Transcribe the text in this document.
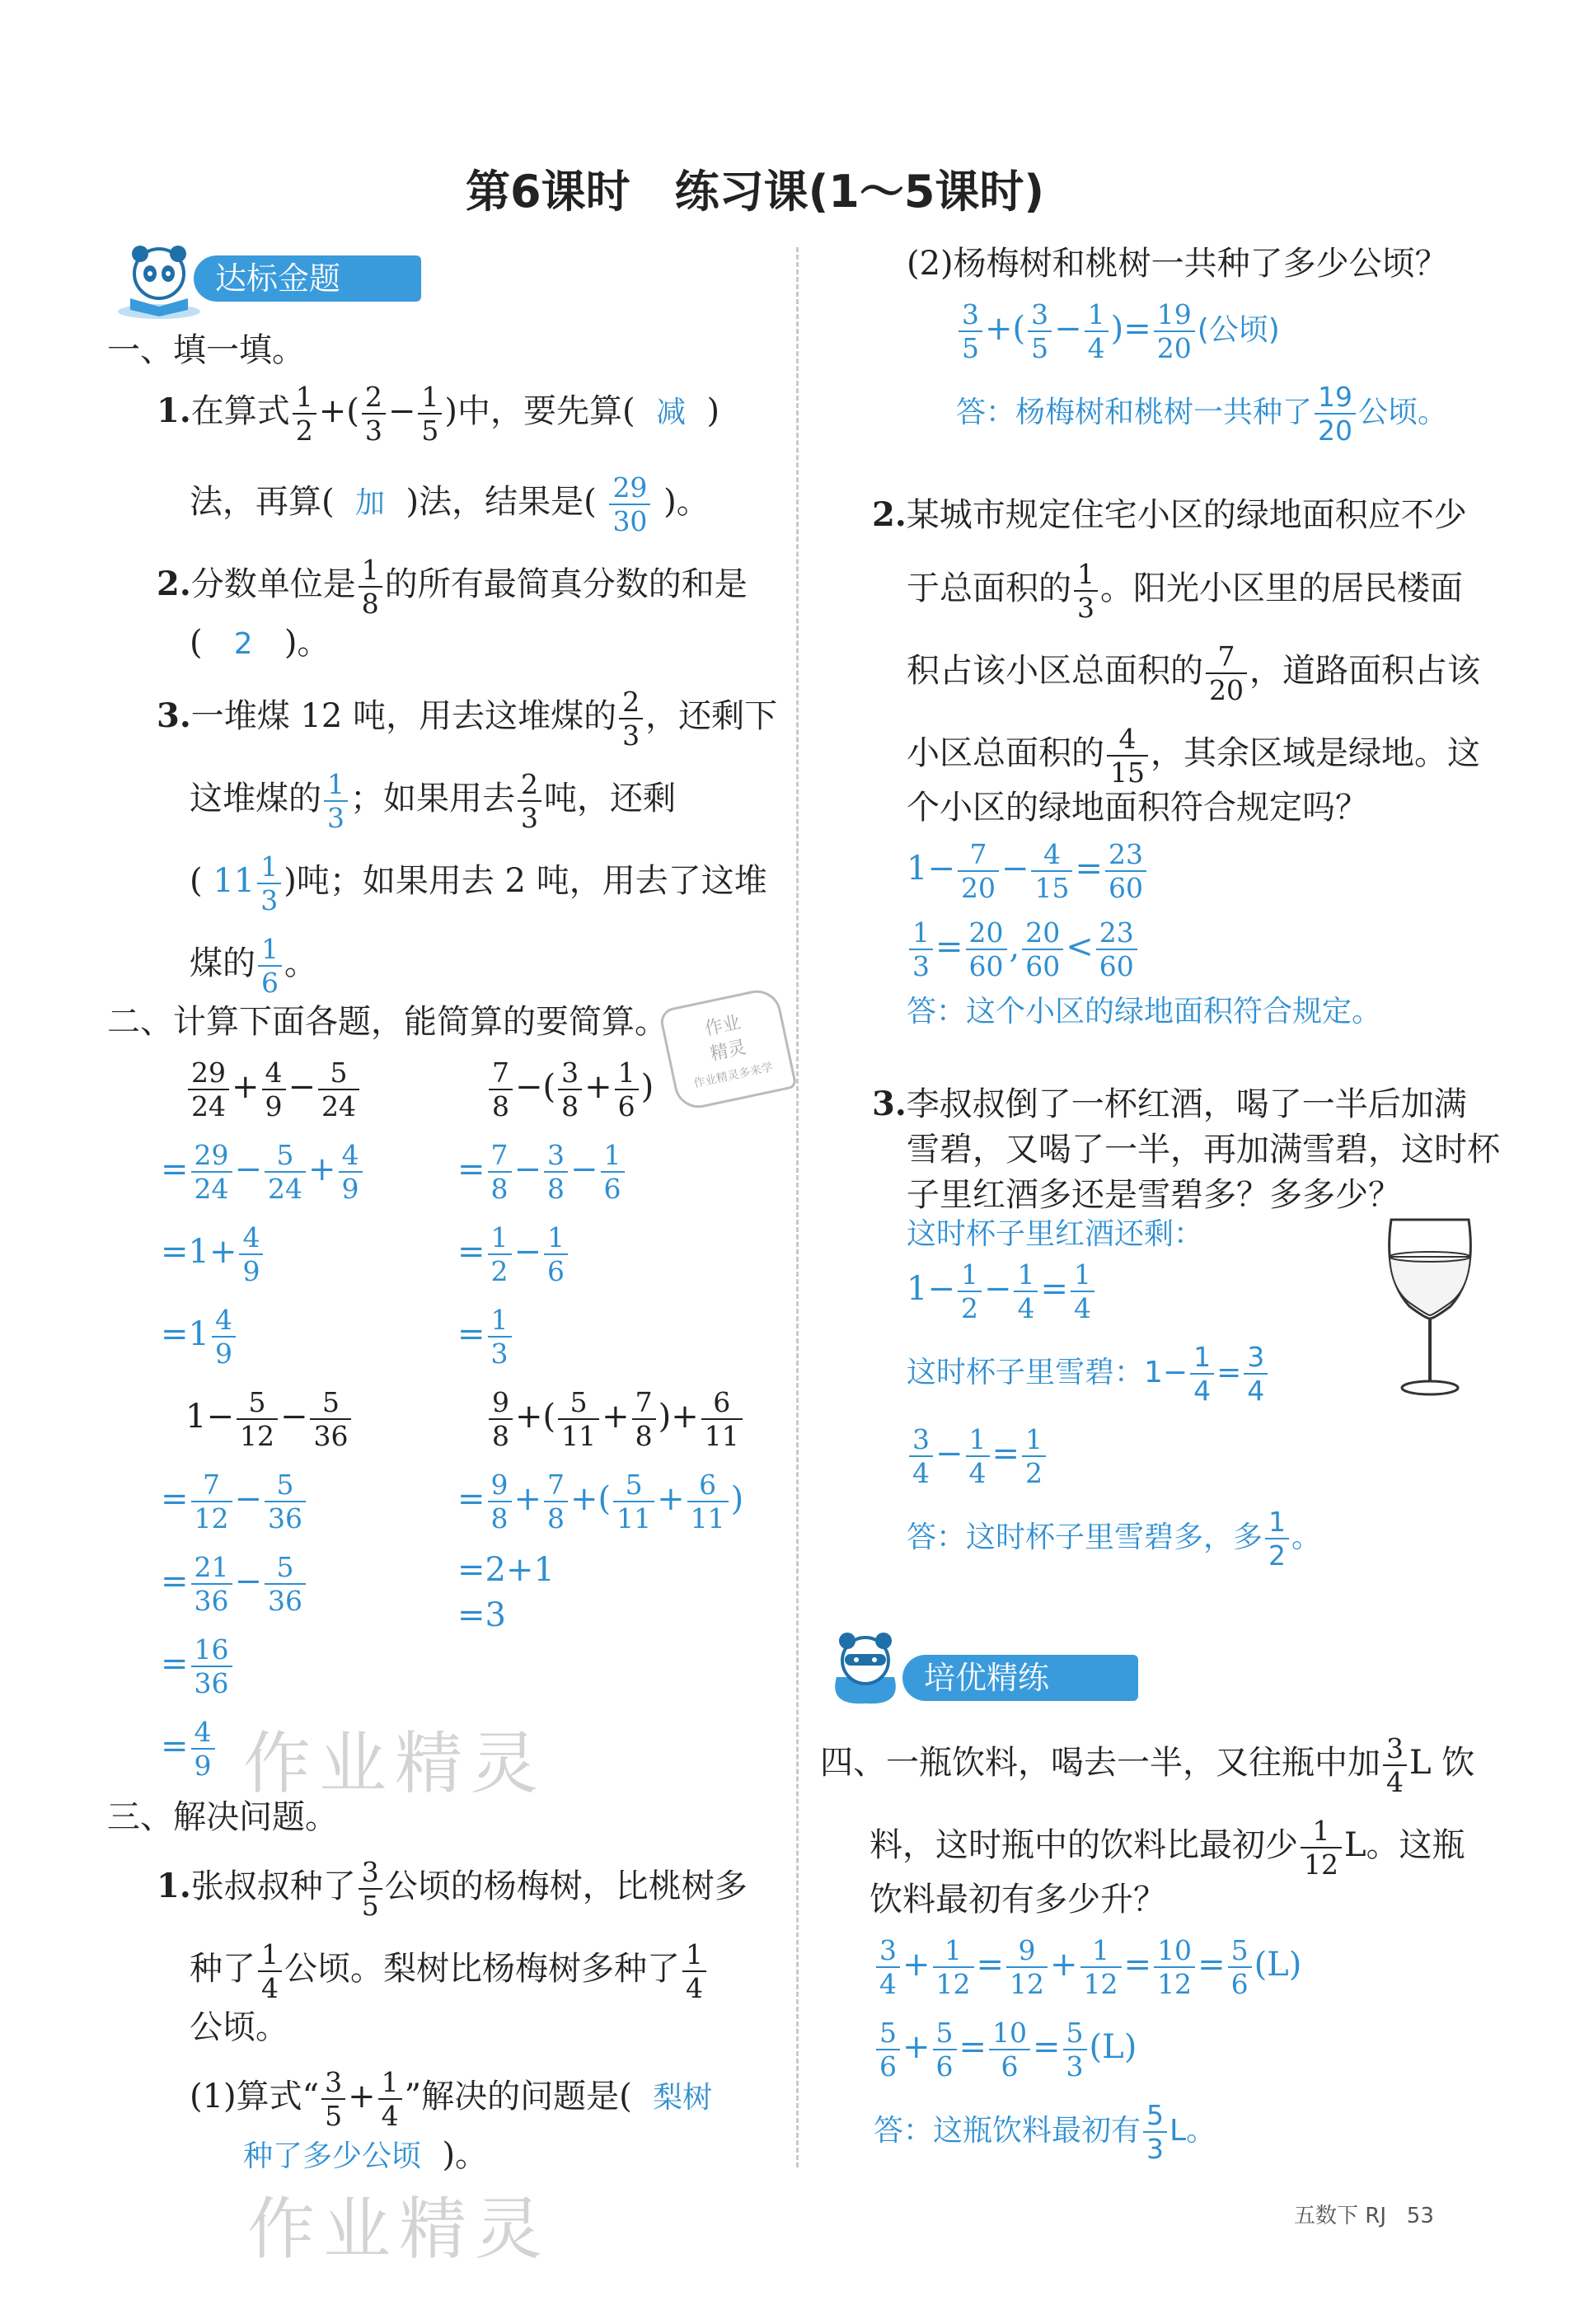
第6课时　练习课(1～5课时)
达标金题
一、填一填。
1.在算式 $\frac{1}{2}$ +( $\frac{2}{3} - \frac{1}{5}$ )中，要先算( 减 )
法，再算( 加 )法，结果是( $\frac{29}{30}$ )。
2.分数单位是 $\frac{1}{8}$ 的所有最简真分数的和是
( 2 )。
3.一堆煤 12 吨，用去这堆煤的 $\frac{2}{3}$ ，还剩下
这堆煤的 $\frac{1}{3}$ ；如果用去 $\frac{2}{3}$ 吨，还剩
( $11 \frac{1}{3}$ )吨；如果用去 2 吨，用去了这堆
煤的 $\frac{1}{6}$ 。
二、计算下面各题，能简算的要简算。	作业
精灵
作业精灵多来学
$\frac{29}{24} + \frac{4}{9} - \frac{5}{24}$
= $\frac{29}{24} - \frac{5}{24} + \frac{4}{9}$
$=1+ \frac{4}{9}$
$=1 \frac{4}{9}$
$\frac{7}{8}$ −( $\frac{3}{8} + \frac{1}{6}$ )
= $\frac{7}{8} - \frac{3}{8} - \frac{1}{6}$
= $\frac{1}{2} - \frac{1}{6}$
= $\frac{1}{3}$
$1- \frac{5}{12} - \frac{5}{36}$
= $\frac{7}{12} - \frac{5}{36}$
= $\frac{21}{36} - \frac{5}{36}$
= $\frac{16}{36}$
= $\frac{4}{9}$
$\frac{9}{8}$ +( $\frac{5}{11} + \frac{7}{8}$ )+ $\frac{6}{11}$
= $\frac{9}{8} + \frac{7}{8}$ +( $\frac{5}{11} + \frac{6}{11}$ )
=2+1
=3
作业精灵
三、解决问题。
1.张叔叔种了 $\frac{3}{5}$ 公顷的杨梅树，比桃树多
种了 $\frac{1}{4}$ 公顷。梨树比杨梅树多种了 $\frac{1}{4}$
公顷。
(1)算式“ $\frac{3}{5} + \frac{1}{4}$ ”解决的问题是( 梨树
种了多少公顷 )。
作业精灵
(2)杨梅树和桃树一共种了多少公顷？
$\frac{3}{5}$ +( $\frac{3}{5} - \frac{1}{4}$ )= $\frac{19}{20}$ (公顷)
答：杨梅树和桃树一共种了 $\frac{19}{20}$ 公顷。
2.某城市规定住宅小区的绿地面积应不少
于总面积的 $\frac{1}{3}$ 。阳光小区里的居民楼面
积占该小区总面积的 $\frac{7}{20}$ ，道路面积占该
小区总面积的 $\frac{4}{15}$ ，其余区域是绿地。这
个小区的绿地面积符合规定吗？
$1- \frac{7}{20} - \frac{4}{15} = \frac{23}{60}$
$\frac{1}{3} = \frac{20}{60}$ , $\frac{20}{60} < \frac{23}{60}$
答：这个小区的绿地面积符合规定。
3.李叔叔倒了一杯红酒，喝了一半后加满
雪碧，又喝了一半，再加满雪碧，这时杯
子里红酒多还是雪碧多？多多少？
这时杯子里红酒还剩：
$1- \frac{1}{2} - \frac{1}{4} = \frac{1}{4}$
这时杯子里雪碧：$1- \frac{1}{4} = \frac{3}{4}$
$\frac{3}{4} - \frac{1}{4} = \frac{1}{2}$
答：这时杯子里雪碧多，多 $\frac{1}{2}$ 。
培优精练
四、一瓶饮料，喝去一半，又往瓶中加 $\frac{3}{4}$ L 饮
料，这时瓶中的饮料比最初少 $\frac{1}{12}$ L。这瓶
饮料最初有多少升？
$\frac{3}{4} + \frac{1}{12} = \frac{9}{12} + \frac{1}{12} = \frac{10}{12} = \frac{5}{6} (L)$
$\frac{5}{6} + \frac{5}{6} = \frac{10}{6} = \frac{5}{3} (L)$
答：这瓶饮料最初有 $\frac{5}{3}$ L。
五数下 RJ 53
